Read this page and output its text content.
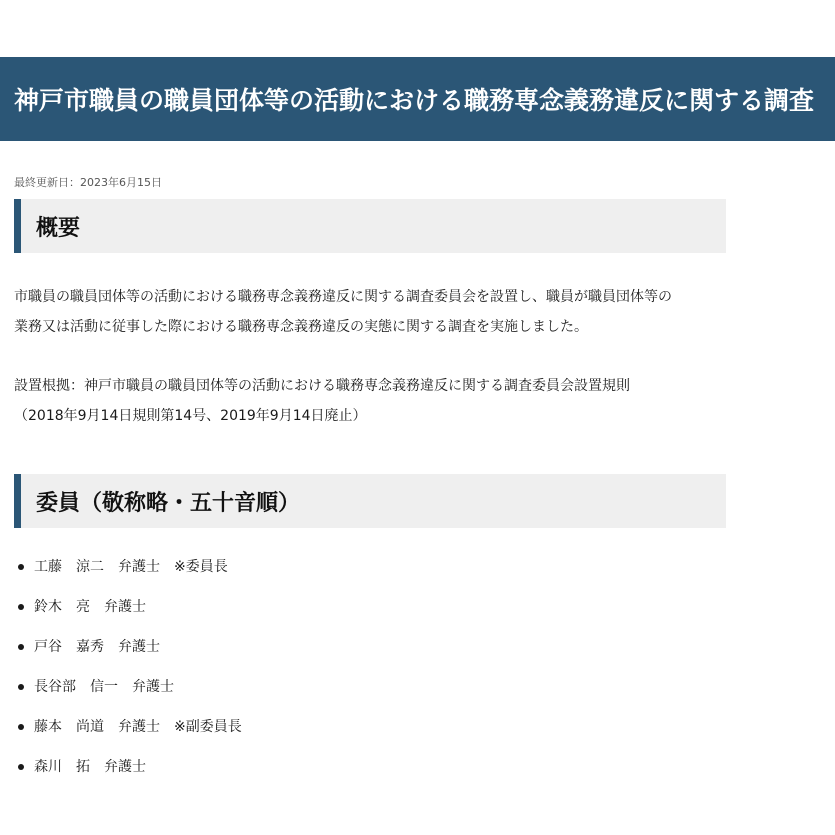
神戸市職員の職員団体等の活動における職務専念義務違反に関する調査
最終更新日：2023年6月15日
概要

市職員の職員団体等の活動における職務専念義務違反に関する調査委員会を設置し、職員が職員団体等の
業務又は活動に従事した際における職務専念義務違反の実態に関する調査を実施しました。

設置根拠：神戸市職員の職員団体等の活動における職務専念義務違反に関する調査委員会設置規則
（2018年9月14日規則第14号、2019年9月14日廃止）

委員（敬称略・五十音順）
工藤　涼二　弁護士　※委員長
鈴木　亮　弁護士
戸谷　嘉秀　弁護士
長谷部　信一　弁護士
藤本　尚道　弁護士　※副委員長
森川　拓　弁護士
